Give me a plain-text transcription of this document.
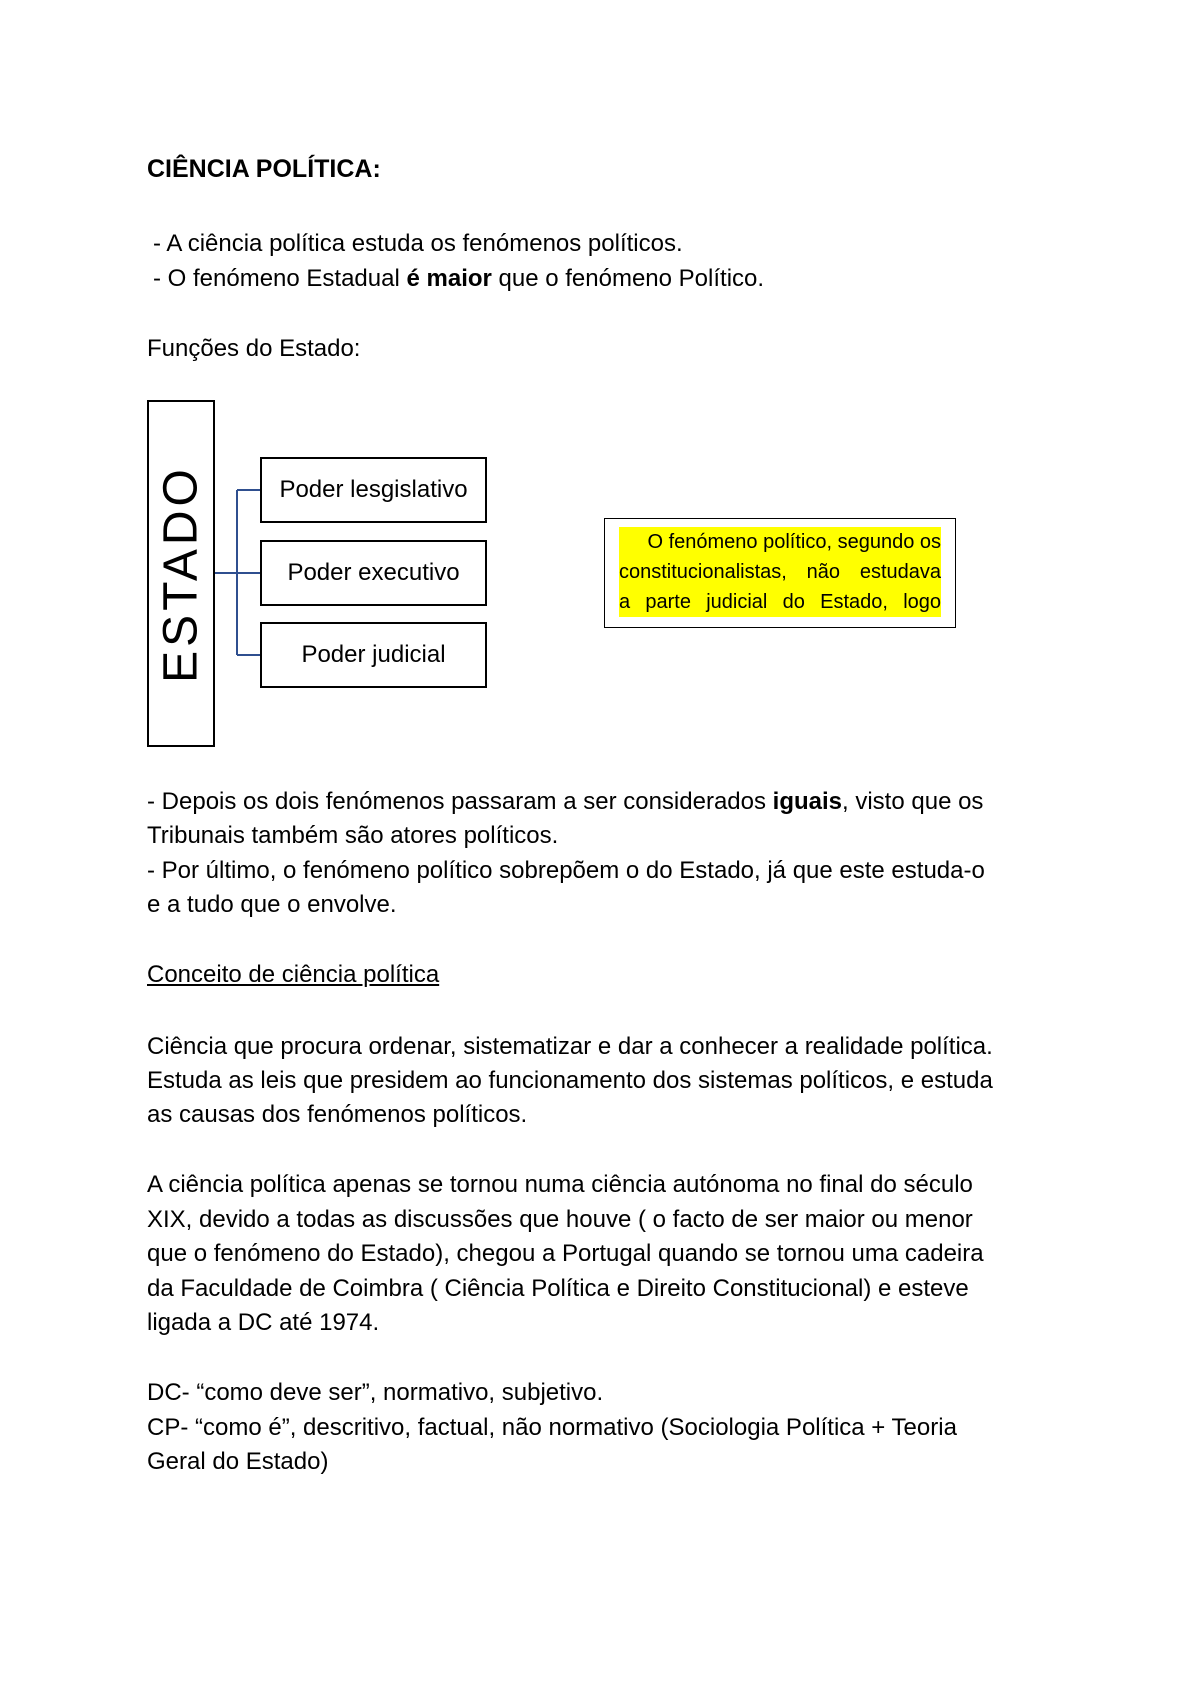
CIÊNCIA POLÍTICA:
- A ciência política estuda os fenómenos políticos.
- O fenómeno Estadual é maior que o fenómeno Político.
Funções do Estado:
ESTADO	Poder lesgislativo
Poder executivo
Poder judicial
O fenómeno político, segundo os
constitucionalistas, não estudava
a parte judicial do Estado, logo
- Depois os dois fenómenos passaram a ser considerados iguais, visto que os
Tribunais também são atores políticos.
- Por último, o fenómeno político sobrepõem o do Estado, já que este estuda-o
e a tudo que o envolve.
Conceito de ciência política
Ciência que procura ordenar, sistematizar e dar a conhecer a realidade política.
Estuda as leis que presidem ao funcionamento dos sistemas políticos, e estuda
as causas dos fenómenos políticos.
A ciência política apenas se tornou numa ciência autónoma no final do século
XIX, devido a todas as discussões que houve ( o facto de ser maior ou menor
que o fenómeno do Estado), chegou a Portugal quando se tornou uma cadeira
da Faculdade de Coimbra ( Ciência Política e Direito Constitucional) e esteve
ligada a DC até 1974.
DC- “como deve ser”, normativo, subjetivo.
CP- “como é”, descritivo, factual, não normativo (Sociologia Política + Teoria
Geral do Estado)
